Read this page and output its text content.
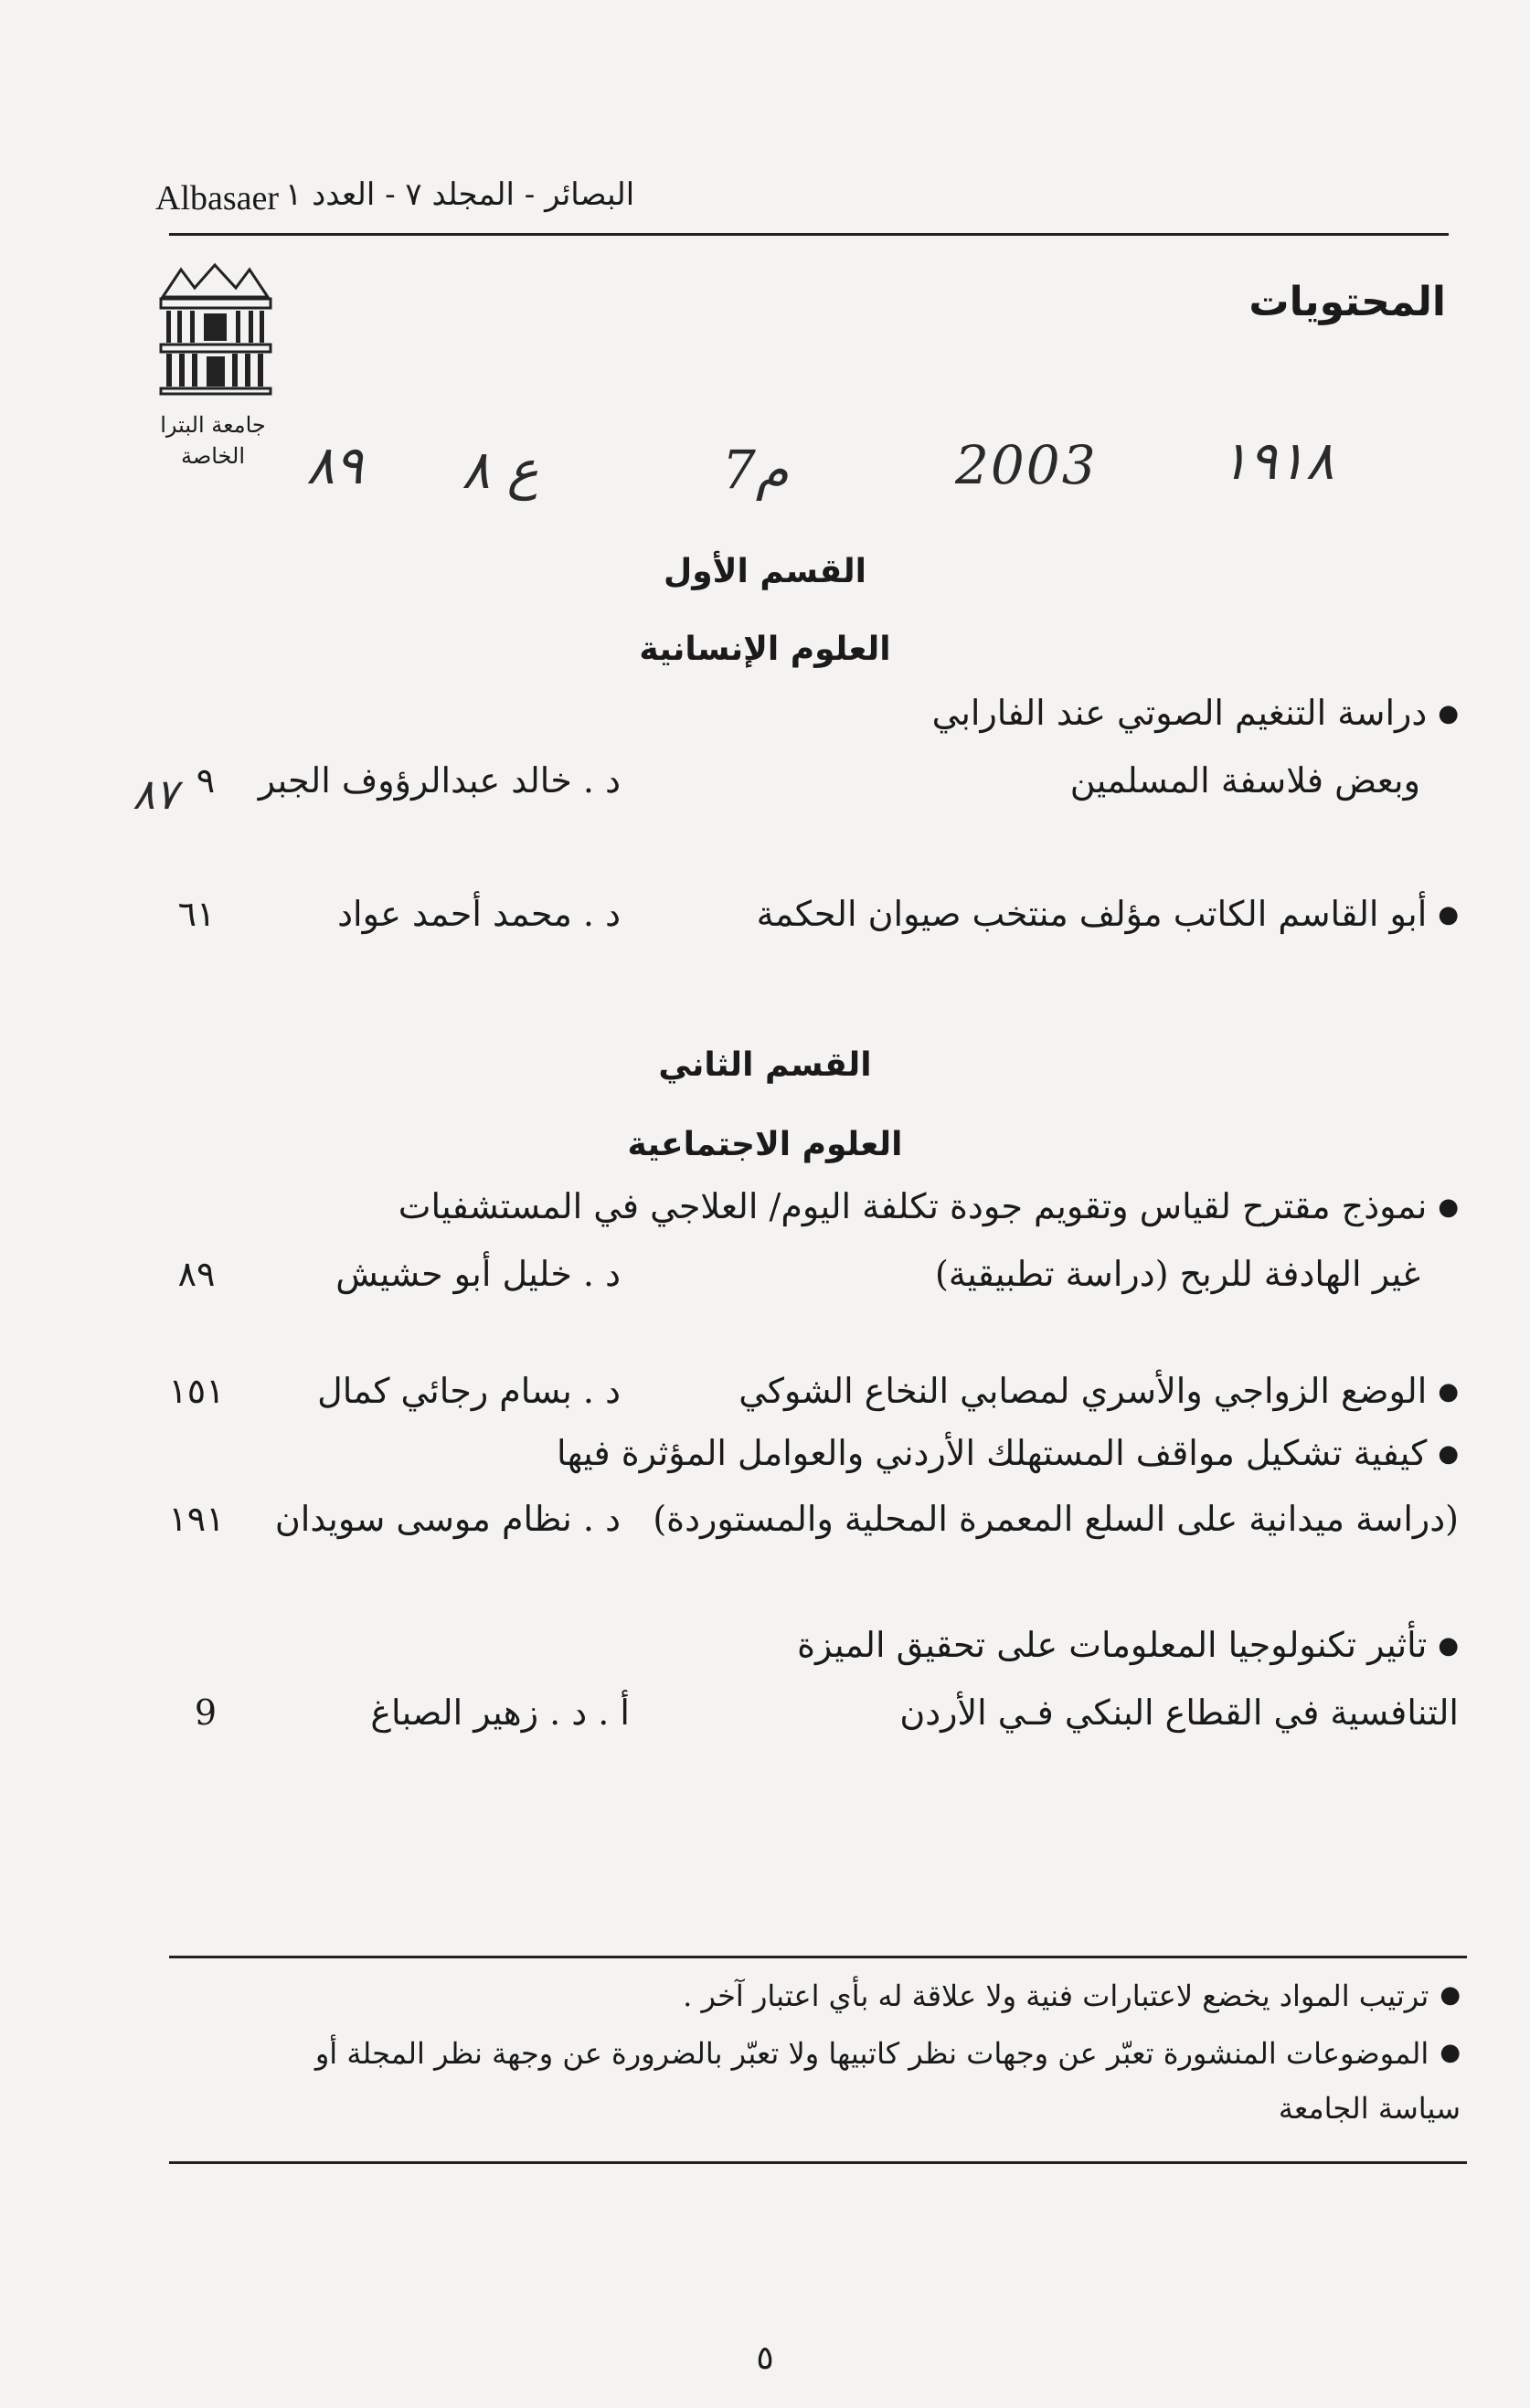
Albasaer البصائر - المجلد ٧ - العدد ١
المحتويات
جامعة البترا
الخاصة	١٩١٨
2003
7م
ع ٨
٨٩
القسم الأول
العلوم الإنسانية
● دراسة التنغيم الصوتي عند الفارابي
وبعض فلاسفة المسلمين
د . خالد عبدالرؤوف الجبر
٩
٨٧
● أبو القاسم الكاتب مؤلف منتخب صيوان الحكمة
د . محمد أحمد عواد
٦١
القسم الثاني
العلوم الاجتماعية
● نموذج مقترح لقياس وتقويم جودة تكلفة اليوم/ العلاجي في المستشفيات
غير الهادفة للربح (دراسة تطبيقية)
د . خليل أبو حشيش
٨٩
● الوضع الزواجي والأسري لمصابي النخاع الشوكي
د . بسام رجائي كمال
١٥١
● كيفية تشكيل مواقف المستهلك الأردني والعوامل المؤثرة فيها
(دراسة ميدانية على السلع المعمرة المحلية والمستوردة)
د . نظام موسى سويدان
١٩١
● تأثير تكنولوجيا المعلومات على تحقيق الميزة
التنافسية في القطاع البنكي فـي الأردن
أ . د . زهير الصباغ
9
● ترتيب المواد يخضع لاعتبارات فنية ولا علاقة له بأي اعتبار آخر .
● الموضوعات المنشورة تعبّر عن وجهات نظر كاتبيها ولا تعبّر بالضرورة عن وجهة نظر المجلة أو
سياسة الجامعة
٥
